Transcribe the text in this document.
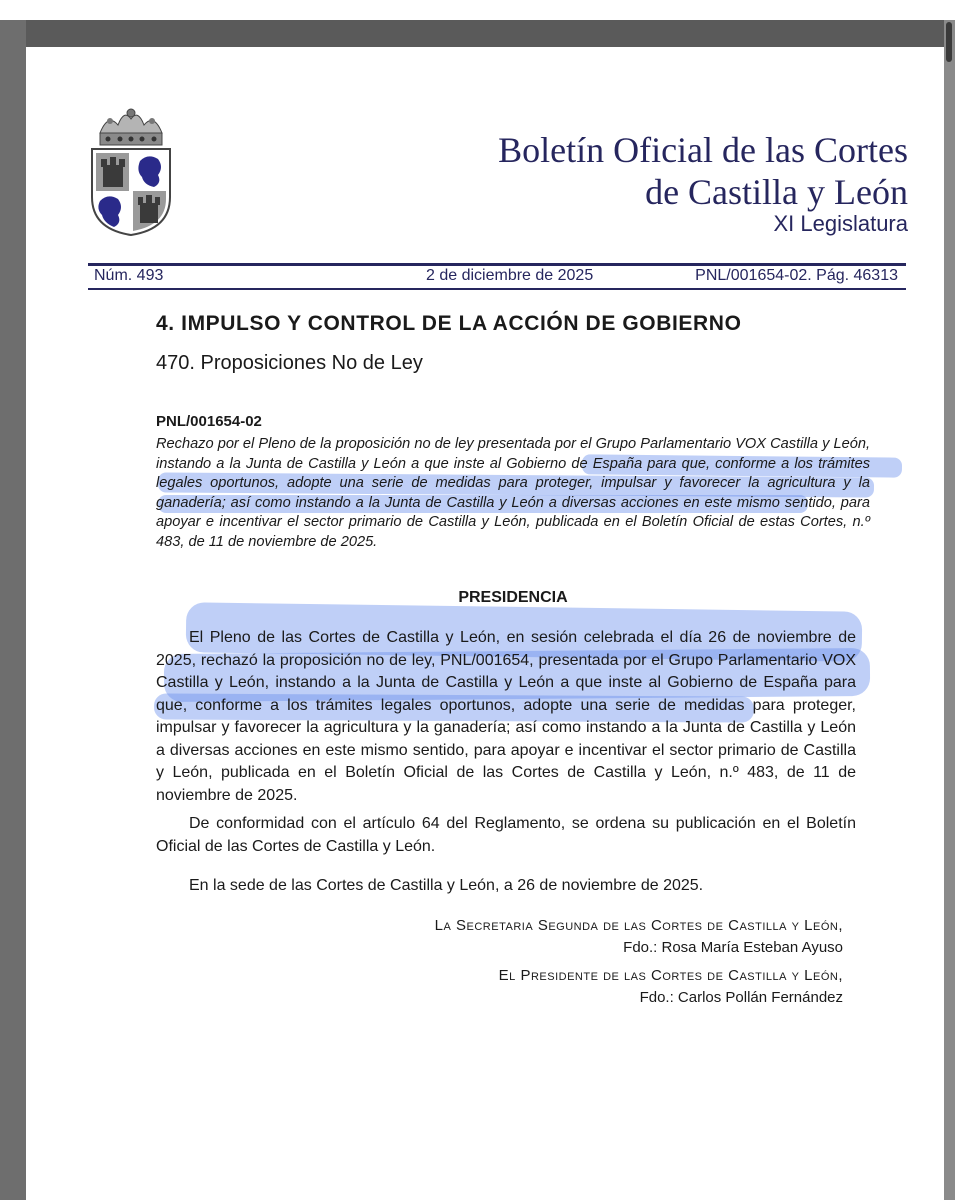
Boletín Oficial de las Cortes
de Castilla y León
XI Legislatura
Núm. 493	2 de diciembre de 2025	PNL/001654-02. Pág. 46313
4. IMPULSO Y CONTROL DE LA ACCIÓN DE GOBIERNO
470. Proposiciones No de Ley
PNL/001654-02
Rechazo por el Pleno de la proposición no de ley presentada por el Grupo Parlamentario VOX Castilla y León, instando a la Junta de Castilla y León a que inste al Gobierno de España para que, conforme a los trámites legales oportunos, adopte una serie de medidas para proteger, impulsar y favorecer la agricultura y la ganadería; así como instando a la Junta de Castilla y León a diversas acciones en este mismo sentido, para apoyar e incentivar el sector primario de Castilla y León, publicada en el Boletín Oficial de estas Cortes, n.º 483, de 11 de noviembre de 2025.
PRESIDENCIA
El Pleno de las Cortes de Castilla y León, en sesión celebrada el día 26 de noviembre de 2025, rechazó la proposición no de ley, PNL/001654, presentada por el Grupo Parlamentario VOX Castilla y León, instando a la Junta de Castilla y León a que inste al Gobierno de España para que, conforme a los trámites legales oportunos, adopte una serie de medidas para proteger, impulsar y favorecer la agricultura y la ganadería; así como instando a la Junta de Castilla y León a diversas acciones en este mismo sentido, para apoyar e incentivar el sector primario de Castilla y León, publicada en el Boletín Oficial de las Cortes de Castilla y León, n.º 483, de 11 de noviembre de 2025.
De conformidad con el artículo 64 del Reglamento, se ordena su publicación en el Boletín Oficial de las Cortes de Castilla y León.
En la sede de las Cortes de Castilla y León, a 26 de noviembre de 2025.
La Secretaria Segunda de las Cortes de Castilla y León,
Fdo.: Rosa María Esteban Ayuso
El Presidente de las Cortes de Castilla y León,
Fdo.: Carlos Pollán Fernández
